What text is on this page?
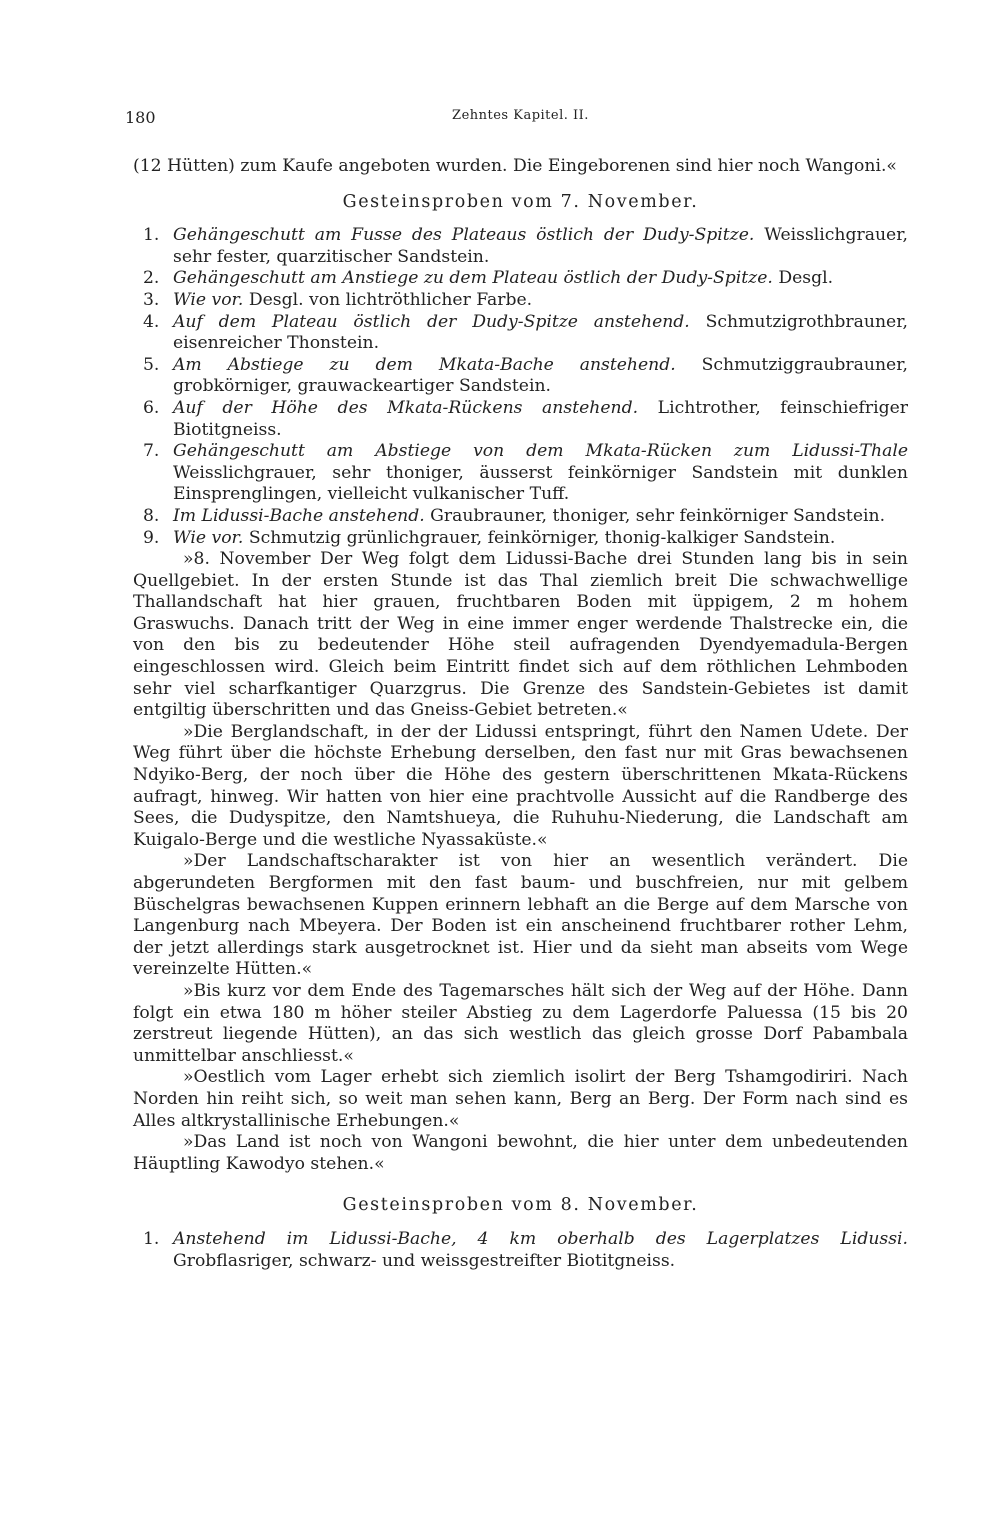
180	Zehntes Kapitel. II.

(12 Hütten) zum Kaufe angeboten wurden. Die Eingeborenen sind hier noch Wangoni.«

Gesteinsproben vom 7. November.
1. Gehängeschutt am Fusse des Plateaus östlich der Dudy-Spitze. Weisslichgrauer, sehr fester, quarzitischer Sandstein.
2. Gehängeschutt am Anstiege zu dem Plateau östlich der Dudy-Spitze. Desgl.
3. Wie vor. Desgl. von lichtröthlicher Farbe.
4. Auf dem Plateau östlich der Dudy-Spitze anstehend. Schmutzigrothbrauner, eisenreicher Thonstein.
5. Am Abstiege zu dem Mkata-Bache anstehend. Schmutziggraubrauner, grobkörniger, grauwackeartiger Sandstein.
6. Auf der Höhe des Mkata-Rückens anstehend. Lichtrother, feinschiefriger Biotitgneiss.
7. Gehängeschutt am Abstiege von dem Mkata-Rücken zum Lidussi-Thale Weisslichgrauer, sehr thoniger, äusserst feinkörniger Sandstein mit dunklen Einsprenglingen, vielleicht vulkanischer Tuff.
8. Im Lidussi-Bache anstehend. Graubrauner, thoniger, sehr feinkörniger Sandstein.
9. Wie vor. Schmutzig grünlichgrauer, feinkörniger, thonig-kalkiger Sandstein.

»8. November Der Weg folgt dem Lidussi-Bache drei Stunden lang bis in sein Quellgebiet. In der ersten Stunde ist das Thal ziemlich breit Die schwachwellige Thallandschaft hat hier grauen, fruchtbaren Boden mit üppigem, 2 m hohem Graswuchs. Danach tritt der Weg in eine immer enger werdende Thalstrecke ein, die von den bis zu bedeutender Höhe steil aufragenden Dyendyemadula-Bergen eingeschlossen wird. Gleich beim Eintritt findet sich auf dem röthlichen Lehmboden sehr viel scharfkantiger Quarzgrus. Die Grenze des Sandstein-Gebietes ist damit entgiltig überschritten und das Gneiss-Gebiet betreten.«

»Die Berglandschaft, in der der Lidussi entspringt, führt den Namen Udete. Der Weg führt über die höchste Erhebung derselben, den fast nur mit Gras bewachsenen Ndyiko-Berg, der noch über die Höhe des gestern überschrittenen Mkata-Rückens aufragt, hinweg. Wir hatten von hier eine prachtvolle Aussicht auf die Randberge des Sees, die Dudyspitze, den Namtshueya, die Ruhuhu-Niederung, die Landschaft am Kuigalo-Berge und die westliche Nyassaküste.«

»Der Landschaftscharakter ist von hier an wesentlich verändert. Die abgerundeten Bergformen mit den fast baum- und buschfreien, nur mit gelbem Büschelgras bewachsenen Kuppen erinnern lebhaft an die Berge auf dem Marsche von Langenburg nach Mbeyera. Der Boden ist ein anscheinend fruchtbarer rother Lehm, der jetzt allerdings stark ausgetrocknet ist. Hier und da sieht man abseits vom Wege vereinzelte Hütten.«

»Bis kurz vor dem Ende des Tagemarsches hält sich der Weg auf der Höhe. Dann folgt ein etwa 180 m höher steiler Abstieg zu dem Lagerdorfe Paluessa (15 bis 20 zerstreut liegende Hütten), an das sich westlich das gleich grosse Dorf Pabambala unmittelbar anschliesst.«

»Oestlich vom Lager erhebt sich ziemlich isolirt der Berg Tshamgodiriri. Nach Norden hin reiht sich, so weit man sehen kann, Berg an Berg. Der Form nach sind es Alles altkrystallinische Erhebungen.«

»Das Land ist noch von Wangoni bewohnt, die hier unter dem unbedeutenden Häuptling Kawodyo stehen.«

Gesteinsproben vom 8. November.
1. Anstehend im Lidussi-Bache, 4 km oberhalb des Lagerplatzes Lidussi. Grobflasriger, schwarz- und weissgestreifter Biotitgneiss.
